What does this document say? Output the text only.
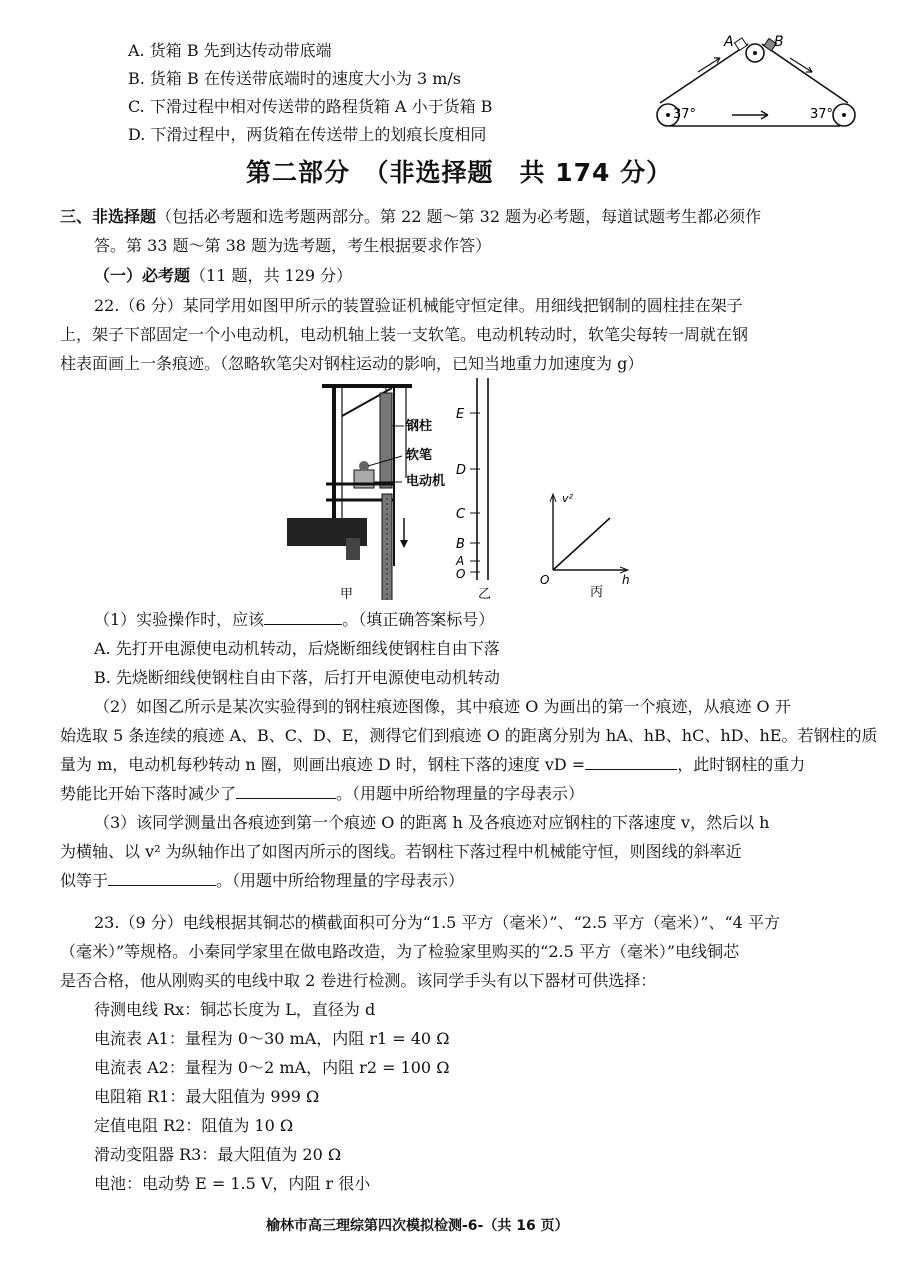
A. 货箱 B 先到达传动带底端
B. 货箱 B 在传送带底端时的速度大小为 3 m/s
C. 下滑过程中相对传送带的路程货箱 A 小于货箱 B
D. 下滑过程中，两货箱在传送带上的划痕长度相同
A	B
37°	37°
第二部分　（非选择题　共 174 分）
三、非选择题（包括必考题和选考题两部分。第 22 题～第 32 题为必考题，每道试题考生都必须作
答。第 33 题～第 38 题为选考题，考生根据要求作答）
（一）必考题（11 题，共 129 分）
22.（6 分）某同学用如图甲所示的装置验证机械能守恒定律。用细线把钢制的圆柱挂在架子
上，架子下部固定一个小电动机，电动机轴上装一支软笔。电动机转动时，软笔尖每转一周就在钢
柱表面画上一条痕迹。（忽略软笔尖对钢柱运动的影响，已知当地重力加速度为 g）
钢柱
软笔
电动机
甲
E
D
C
B
A
O
乙
v²
h
O
丙
（1）实验操作时，应该	。（填正确答案标号）
A. 先打开电源使电动机转动，后烧断细线使钢柱自由下落
B. 先烧断细线使钢柱自由下落，后打开电源使电动机转动
（2）如图乙所示是某次实验得到的钢柱痕迹图像，其中痕迹 O 为画出的第一个痕迹，从痕迹 O 开
始选取 5 条连续的痕迹 A、B、C、D、E，测得它们到痕迹 O 的距离分别为 hA、hB、hC、hD、hE。若钢柱的质
量为 m，电动机每秒转动 n 圈，则画出痕迹 D 时，钢柱下落的速度 vD =	，此时钢柱的重力
势能比开始下落时减少了	。（用题中所给物理量的字母表示）
（3）该同学测量出各痕迹到第一个痕迹 O 的距离 h 及各痕迹对应钢柱的下落速度 v，然后以 h
为横轴、以 v² 为纵轴作出了如图丙所示的图线。若钢柱下落过程中机械能守恒，则图线的斜率近
似等于	。（用题中所给物理量的字母表示）
23.（9 分）电线根据其铜芯的横截面积可分为“1.5 平方（毫米）”、“2.5 平方（毫米）”、“4 平方
（毫米）”等规格。小秦同学家里在做电路改造，为了检验家里购买的“2.5 平方（毫米）”电线铜芯
是否合格，他从刚购买的电线中取 2 卷进行检测。该同学手头有以下器材可供选择：
待测电线 Rx：铜芯长度为 L，直径为 d
电流表 A1：量程为 0～30 mA，内阻 r1 = 40 Ω
电流表 A2：量程为 0～2 mA，内阻 r2 = 100 Ω
电阻箱 R1：最大阻值为 999 Ω
定值电阻 R2：阻值为 10 Ω
滑动变阻器 R3：最大阻值为 20 Ω
电池：电动势 E = 1.5 V，内阻 r 很小
榆林市高三理综第四次模拟检测-6-（共 16 页）
